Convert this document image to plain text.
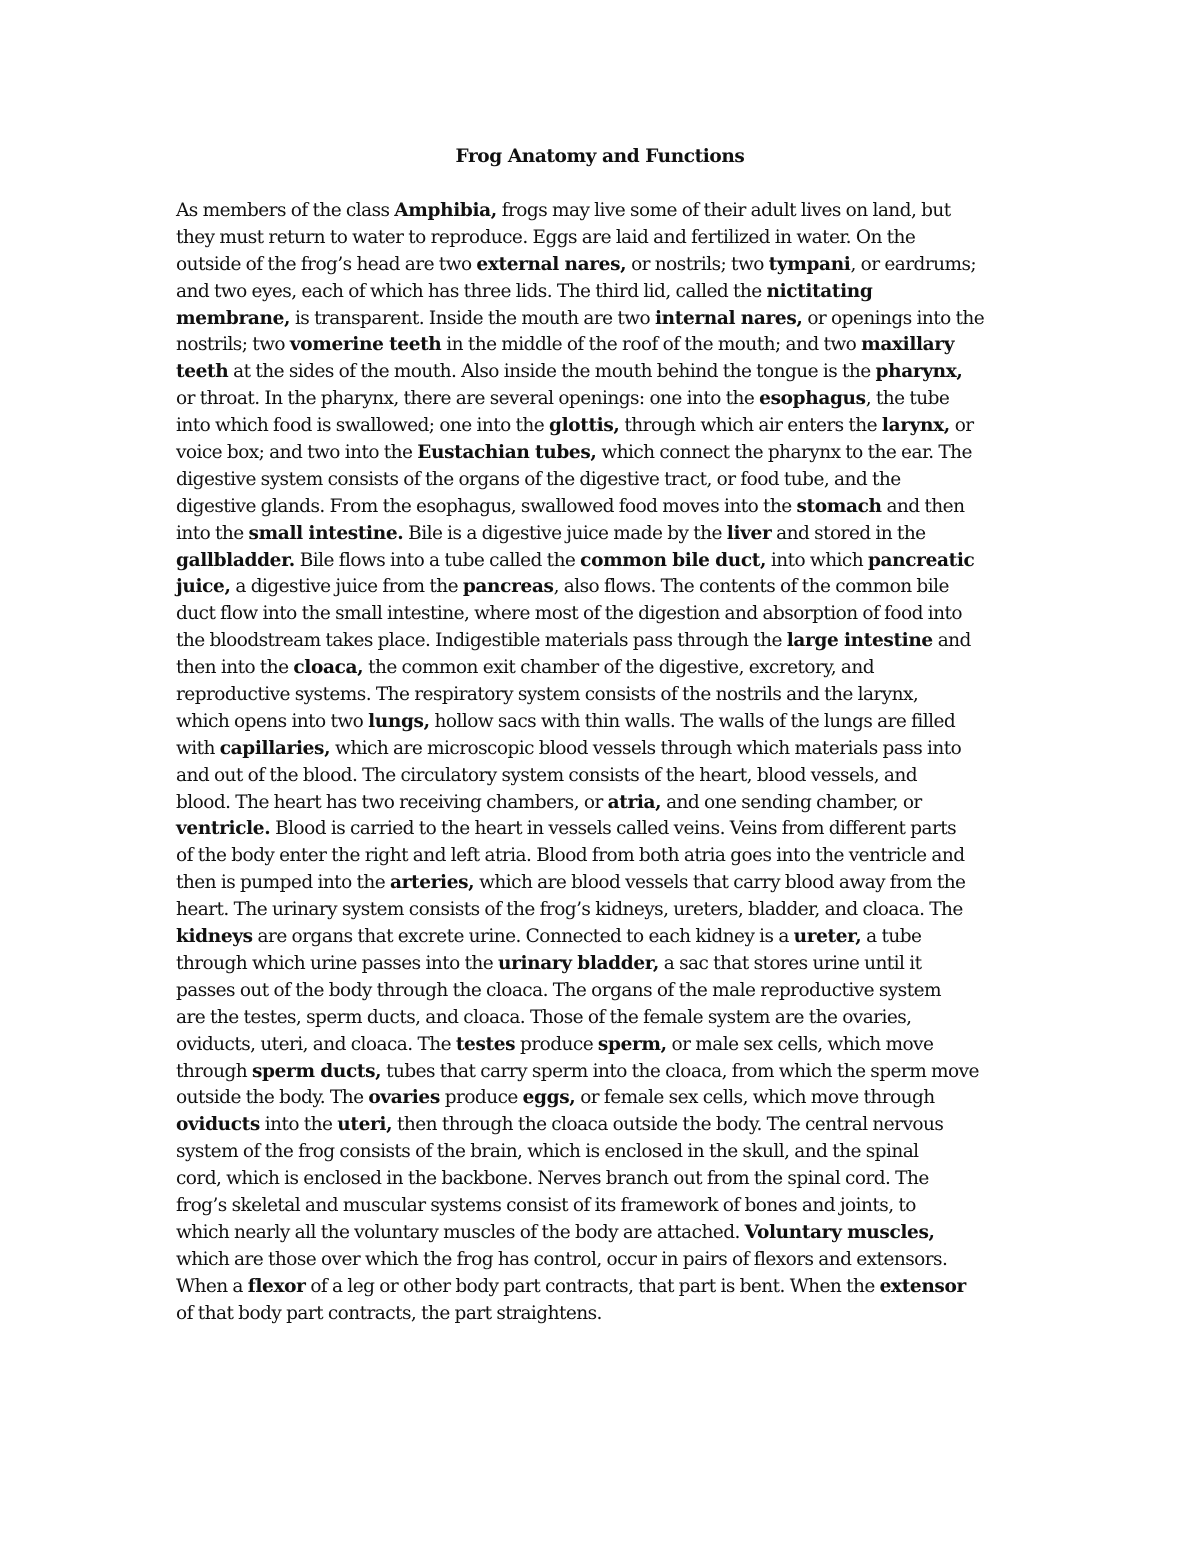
Frog Anatomy and Functions
As members of the class Amphibia, frogs may live some of their adult lives on land, but
they must return to water to reproduce. Eggs are laid and fertilized in water. On the
outside of the frog’s head are two external nares, or nostrils; two tympani, or eardrums;
and two eyes, each of which has three lids. The third lid, called the nictitating
membrane, is transparent. Inside the mouth are two internal nares, or openings into the
nostrils; two vomerine teeth in the middle of the roof of the mouth; and two maxillary
teeth at the sides of the mouth. Also inside the mouth behind the tongue is the pharynx,
or throat. In the pharynx, there are several openings: one into the esophagus, the tube
into which food is swallowed; one into the glottis, through which air enters the larynx, or
voice box; and two into the Eustachian tubes, which connect the pharynx to the ear. The
digestive system consists of the organs of the digestive tract, or food tube, and the
digestive glands. From the esophagus, swallowed food moves into the stomach and then
into the small intestine. Bile is a digestive juice made by the liver and stored in the
gallbladder. Bile flows into a tube called the common bile duct, into which pancreatic
juice, a digestive juice from the pancreas, also flows. The contents of the common bile
duct flow into the small intestine, where most of the digestion and absorption of food into
the bloodstream takes place. Indigestible materials pass through the large intestine and
then into the cloaca, the common exit chamber of the digestive, excretory, and
reproductive systems. The respiratory system consists of the nostrils and the larynx,
which opens into two lungs, hollow sacs with thin walls. The walls of the lungs are filled
with capillaries, which are microscopic blood vessels through which materials pass into
and out of the blood. The circulatory system consists of the heart, blood vessels, and
blood. The heart has two receiving chambers, or atria, and one sending chamber, or
ventricle. Blood is carried to the heart in vessels called veins. Veins from different parts
of the body enter the right and left atria. Blood from both atria goes into the ventricle and
then is pumped into the arteries, which are blood vessels that carry blood away from the
heart. The urinary system consists of the frog’s kidneys, ureters, bladder, and cloaca. The
kidneys are organs that excrete urine. Connected to each kidney is a ureter, a tube
through which urine passes into the urinary bladder, a sac that stores urine until it
passes out of the body through the cloaca. The organs of the male reproductive system
are the testes, sperm ducts, and cloaca. Those of the female system are the ovaries,
oviducts, uteri, and cloaca. The testes produce sperm, or male sex cells, which move
through sperm ducts, tubes that carry sperm into the cloaca, from which the sperm move
outside the body. The ovaries produce eggs, or female sex cells, which move through
oviducts into the uteri, then through the cloaca outside the body. The central nervous
system of the frog consists of the brain, which is enclosed in the skull, and the spinal
cord, which is enclosed in the backbone. Nerves branch out from the spinal cord. The
frog’s skeletal and muscular systems consist of its framework of bones and joints, to
which nearly all the voluntary muscles of the body are attached. Voluntary muscles,
which are those over which the frog has control, occur in pairs of flexors and extensors.
When a flexor of a leg or other body part contracts, that part is bent. When the extensor
of that body part contracts, the part straightens.
